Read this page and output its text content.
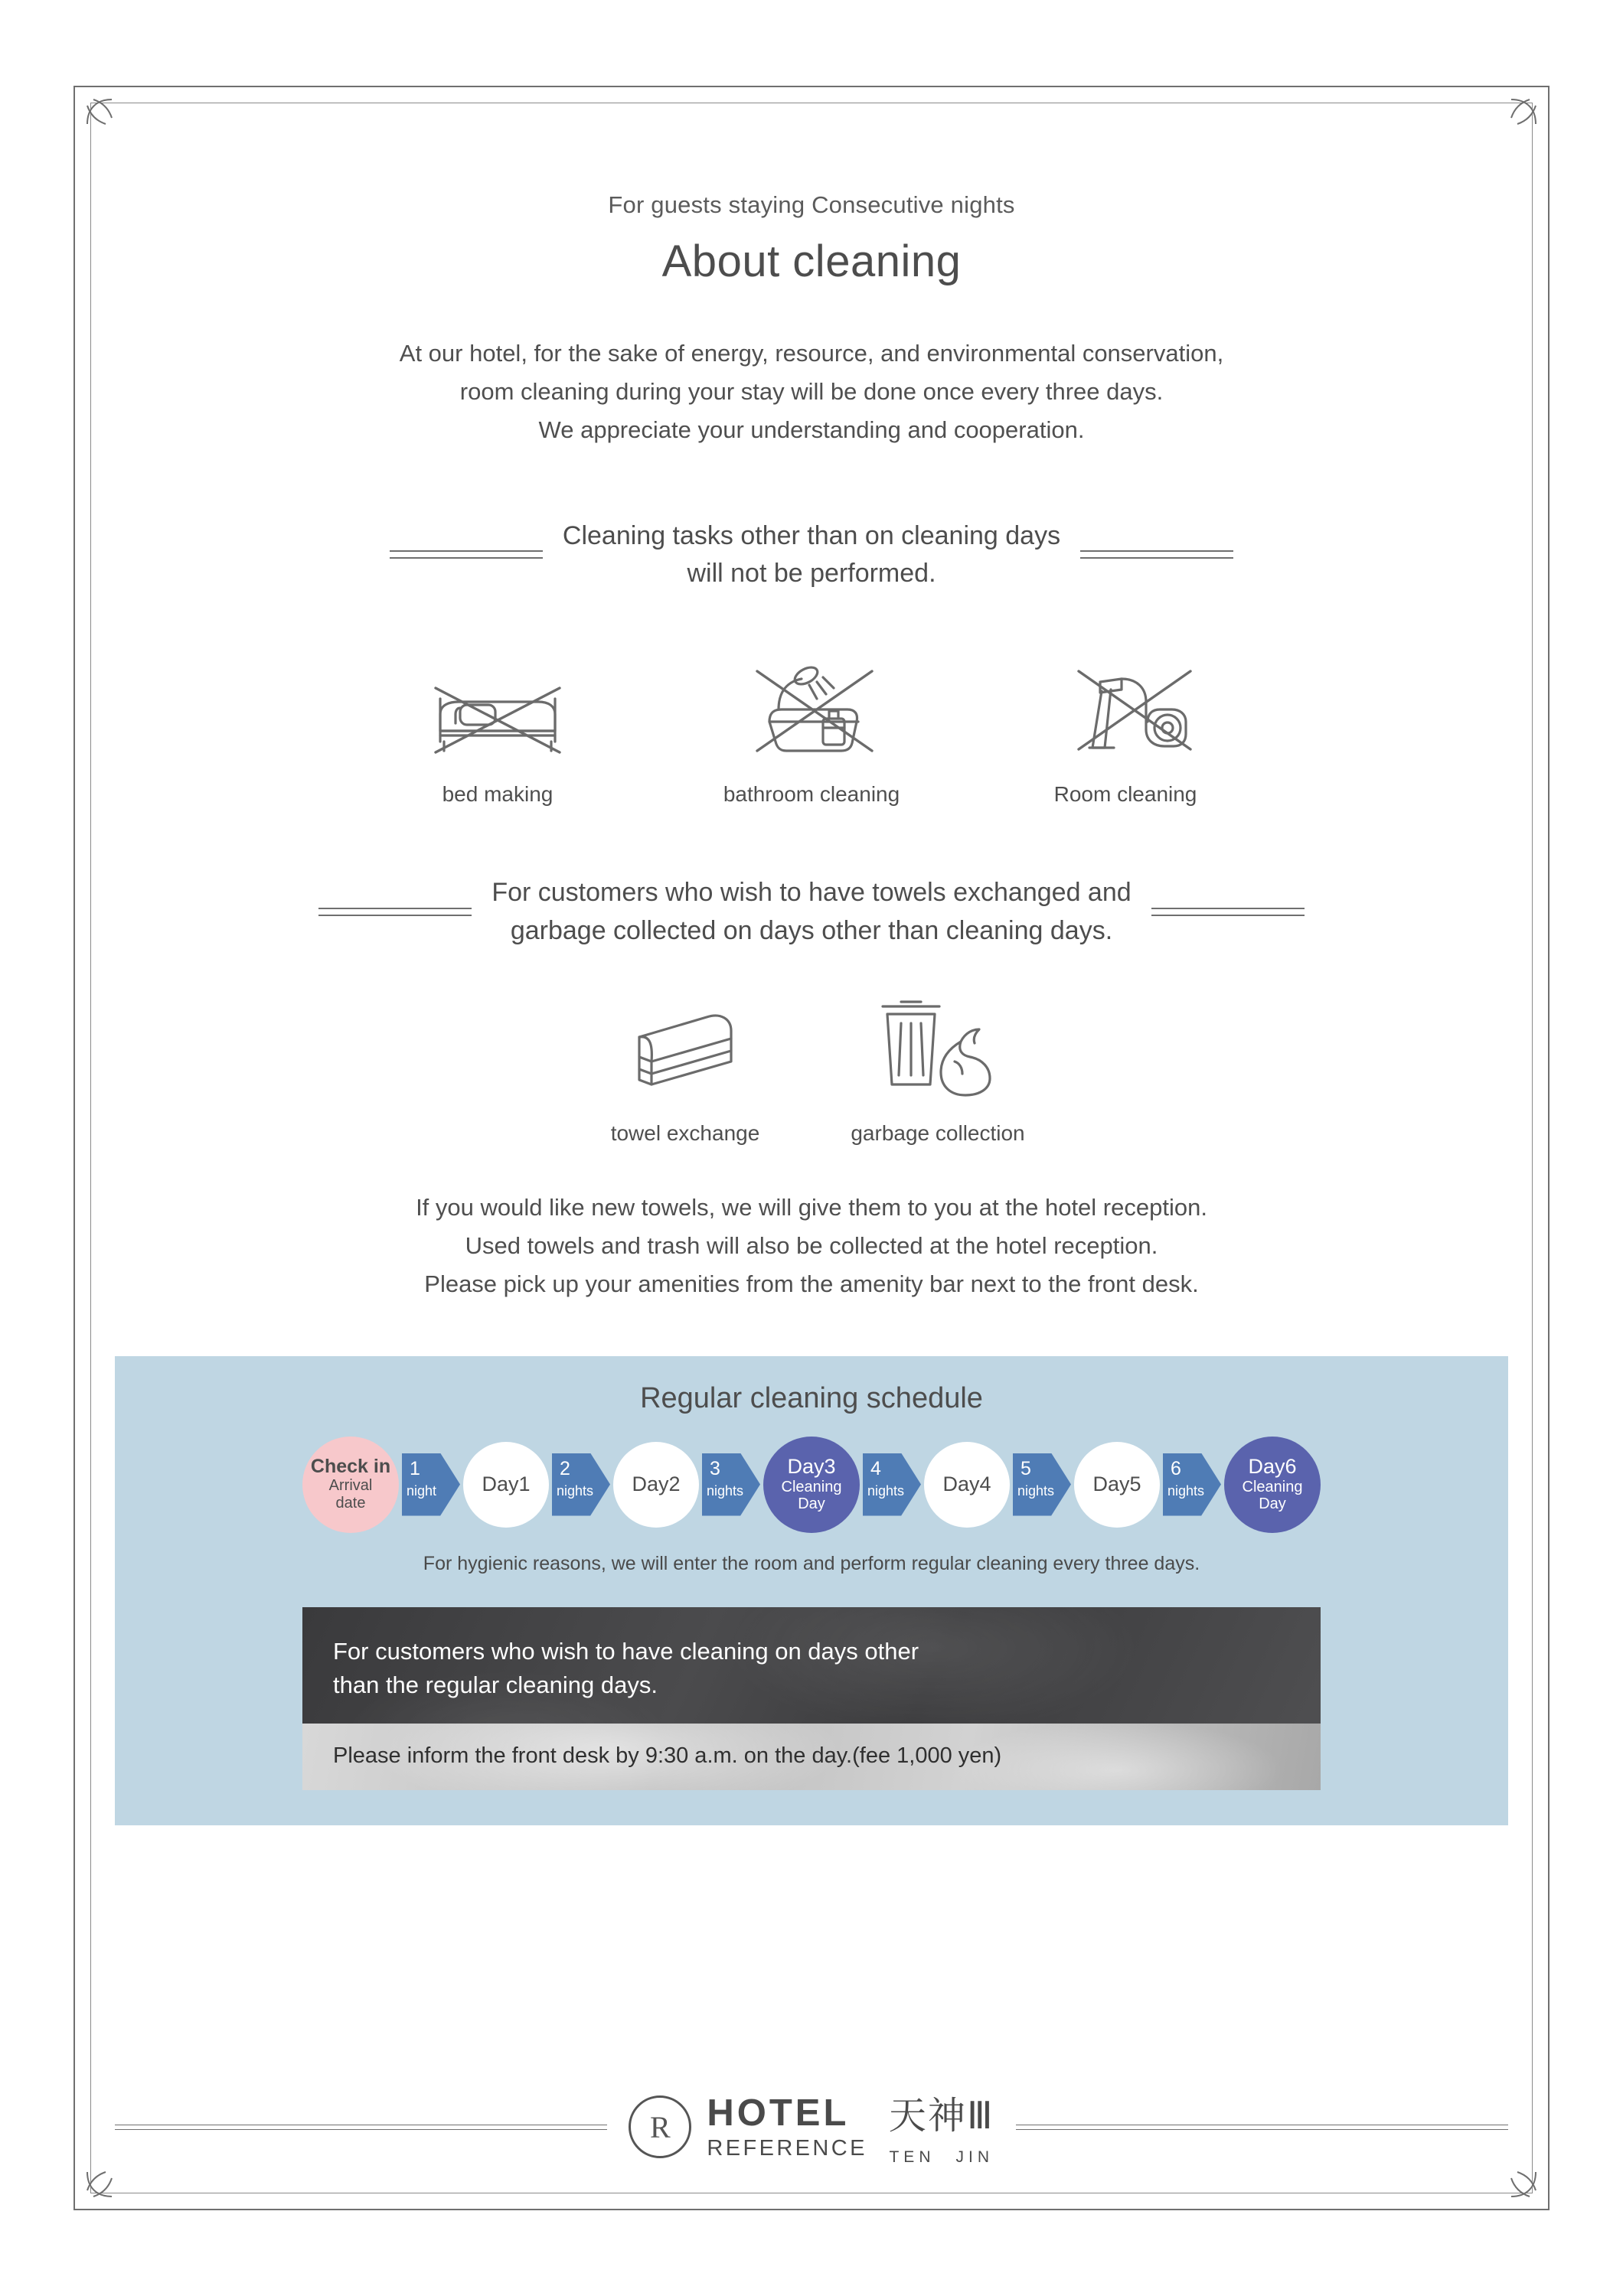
For guests staying Consecutive nights
About cleaning
At our hotel, for the sake of energy, resource, and environmental conservation,
room cleaning during your stay will be done once every three days.
We appreciate your understanding and cooperation.
Cleaning tasks other than on cleaning days
will not be performed.
bed making	bathroom cleaning	Room cleaning
For customers who wish to have towels exchanged and
garbage collected on days other than cleaning days.
towel exchange	garbage collection
If you would like new towels, we will give them to you at the hotel reception.
Used towels and trash will also be collected at the hotel reception.
Please pick up your amenities from the amenity bar next to the front desk.
Regular cleaning schedule
Check in
Arrival
date
1
night	Day1
2
nights	Day2
3
nights
Day3
Cleaning
Day
4
nights	Day4
5
nights	Day5
6
nights
Day6
Cleaning
Day
For hygienic reasons, we will enter the room and perform regular cleaning every three days.
For customers who wish to have cleaning on days other
than the regular cleaning days.
Please inform the front desk by 9:30 a.m. on the day.(fee 1,000 yen)
R HOTEL
REFERENCE
天神Ⅲ
TEN　JIN
